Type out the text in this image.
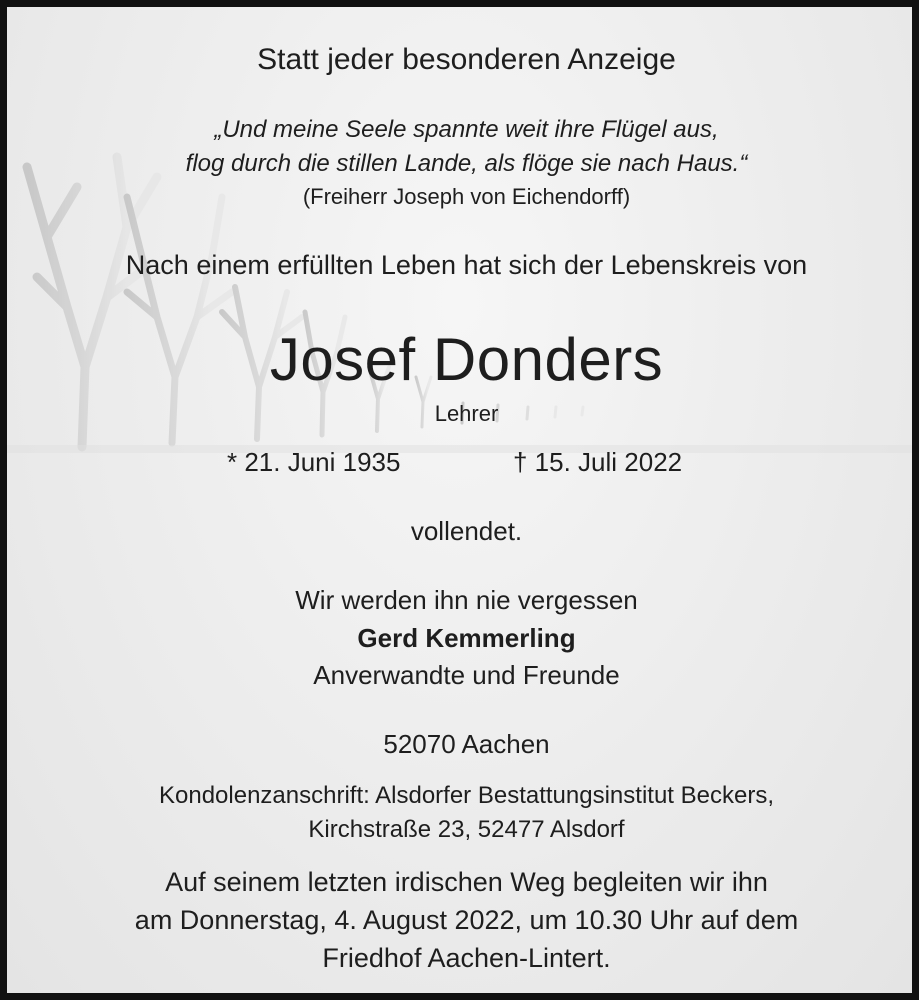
Statt jeder besonderen Anzeige
„Und meine Seele spannte weit ihre Flügel aus,
flog durch die stillen Lande, als flöge sie nach Haus.“
(Freiherr Joseph von Eichendorff)
Nach einem erfüllten Leben hat sich der Lebenskreis von
Josef Donders
Lehrer
* 21. Juni 1935	† 15. Juli 2022
vollendet.
Wir werden ihn nie vergessen
Gerd Kemmerling
Anverwandte und Freunde
52070 Aachen
Kondolenzanschrift: Alsdorfer Bestattungsinstitut Beckers,
Kirchstraße 23, 52477 Alsdorf
Auf seinem letzten irdischen Weg begleiten wir ihn
am Donnerstag, 4. August 2022, um 10.30 Uhr auf dem
Friedhof Aachen-Lintert.
